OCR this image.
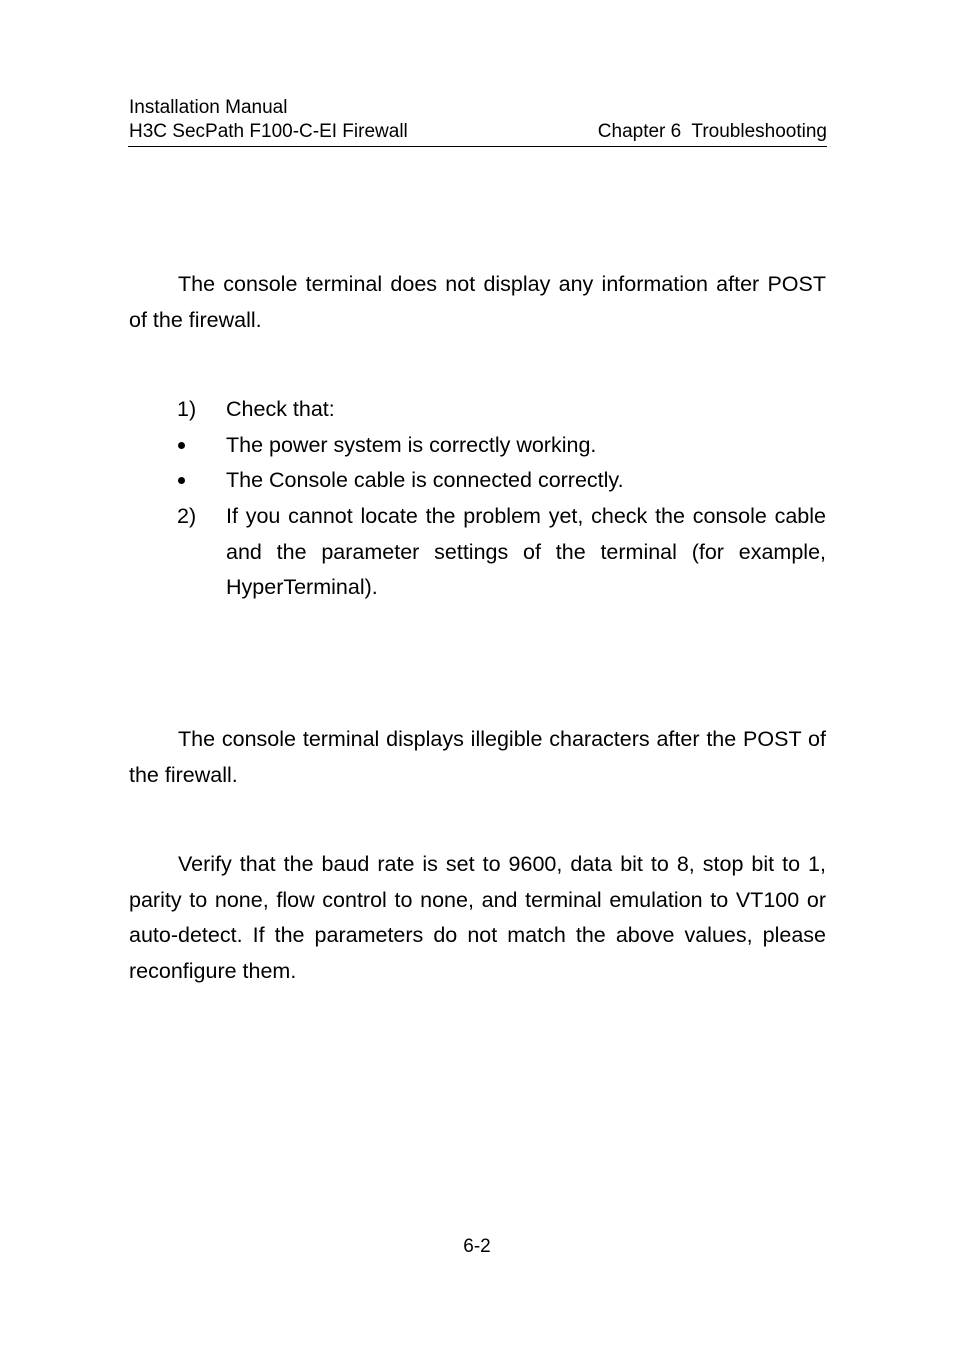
Installation Manual
H3C SecPath F100-C-EI Firewall	Chapter 6  Troubleshooting

The console terminal does not display any information after POST of the firewall.

1) Check that:
The power system is correctly working.
The Console cable is connected correctly.
2) If you cannot locate the problem yet, check the console cable and the parameter settings of the terminal (for example, HyperTerminal).

The console terminal displays illegible characters after the POST of the firewall.

Verify that the baud rate is set to 9600, data bit to 8, stop bit to 1, parity to none, flow control to none, and terminal emulation to VT100 or auto-detect. If the parameters do not match the above values, please reconfigure them.

6-2
